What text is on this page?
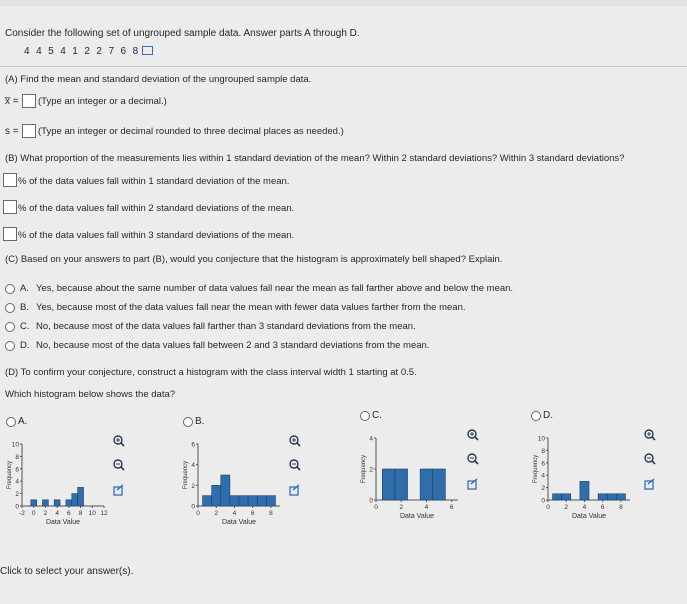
Consider the following set of ungrouped sample data. Answer parts A through D.
4 4 5 4 1 2 2 7 6 8
(A) Find the mean and standard deviation of the ungrouped sample data.
x̅ = (Type an integer or a decimal.)
s = (Type an integer or decimal rounded to three decimal places as needed.)
(B) What proportion of the measurements lies within 1 standard deviation of the mean? Within 2 standard deviations? Within 3 standard deviations?
% of the data values fall within 1 standard deviation of the mean.
% of the data values fall within 2 standard deviations of the mean.
% of the data values fall within 3 standard deviations of the mean.
(C) Based on your answers to part (B), would you conjecture that the histogram is approximately bell shaped? Explain.
A. Yes, because about the same number of data values fall near the mean as fall farther above and below the mean.
B. Yes, because most of the data values fall near the mean with fewer data values farther from the mean.
C. No, because most of the data values fall farther than 3 standard deviations from the mean.
D. No, because most of the data values fall between 2 and 3 standard deviations from the mean.
(D) To confirm your conjecture, construct a histogram with the class interval width 1 starting at 0.5.
Which histogram below shows the data?
A.	B.
C.	D.
0
2
4
6
8
10
-2 0 2 4 6 8 10 12
Data Value
Frequency
0
2
4
6
0 2 4 6 8
Data Value
Frequency
0
2
4
0	2	4	6
Data Value
Frequency
0
2
4
6
8
10
0 2 4 6 8
Data Value
Frequency
Click to select your answer(s).
